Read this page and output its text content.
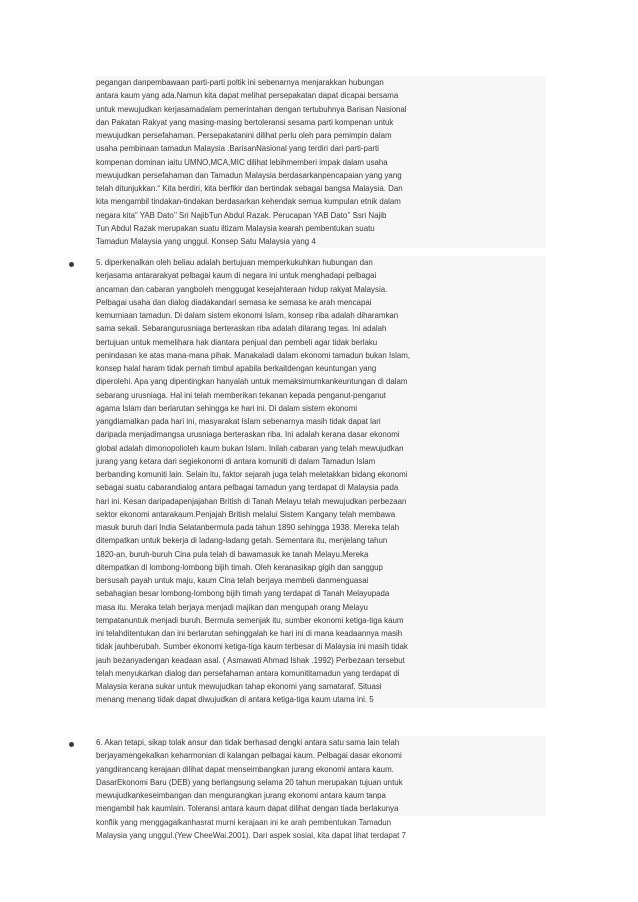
pegangan danpembawaan parti-parti poltik ini sebenarnya menjarakkan hubungan
antara kaum yang ada.Namun kita dapat melihat persepakatan dapat dicapai bersama
untuk mewujudkan kerjasamadalam pemerintahan dengan tertubuhnya Barisan Nasional
dan Pakatan Rakyat yang masing-masing bertoleransi sesama parti kompenan untuk
mewujudkan persefahaman. Persepakatanini dilihat perlu oleh para pemimpin dalam
usaha pembinaan tamadun Malaysia .BarisanNasional yang terdiri dari parti-parti
kompenan dominan iaitu UMNO,MCA,MIC dilihat lebihmemberi impak dalam usaha
mewujudkan persefahaman dan Tamadun Malaysia berdasarkanpencapaian yang yang
telah ditunjukkan.“ Kita berdiri, kita berfikir dan bertindak sebagai bangsa Malaysia. Dan
kita mengambil tindakan-tindakan berdasarkan kehendak semua kumpulan etnik dalam
negara kita” YAB Dato’’ Sri NajibTun Abdul Razak. Perucapan YAB Dato’’ Ssri Najib
Tun Abdul Razak merupakan suatu iltizam Malaysia kearah pembentukan suatu
Tamadun Malaysia yang unggul. Konsep Satu Malaysia yang 4
5. diperkenalkan oleh beliau adalah bertujuan memperkukuhkan hubungan dan
kerjasama antararakyat pelbagai kaum di negara ini untuk menghadapi pelbagai
ancaman dan cabaran yangboleh menggugat kesejahteraan hidup rakyat Malaysia.
Pelbagai usaha dan dialog diadakandari semasa ke semasa ke arah mencapai
kemurniaan tamadun. Di dalam sistem ekonomi Islam, konsep riba adalah diharamkan
sama sekali. Sebarangurusniaga berteraskan riba adalah dilarang tegas. Ini adalah
bertujuan untuk memelihara hak diantara penjual dan pembeli agar tidak berlaku
penindasan ke atas mana-mana pihak. Manakaladi dalam ekonomi tamadun bukan Islam,
konsep halal haram tidak pernah timbul apabila berkaitdengan keuntungan yang
diperolehi. Apa yang dipentingkan hanyalah untuk memaksimumkankeuntungan di dalam
sebarang urusniaga. Hal ini telah memberikan tekanan kepada penganut-penganut
agama Islam dan berlarutan sehingga ke hari ini. Di dalam sistem ekonomi
yangdiamalkan pada hari ini, masyarakat Islam sebenarnya masih tidak dapat lari
daripada menjadimangsa urusniaga berteraskan riba. Ini adalah kerana dasar ekonomi
global adalah dimonopolioleh kaum bukan Islam. Inilah cabaran yang telah mewujudkan
jurang yang ketara dari segiekonomi di antara komuniti di dalam Tamadun Islam
berbanding komuniti lain. Selain itu, faktor sejarah juga telah meletakkan bidang ekonomi
sebagai suatu cabarandialog antara pelbagai tamadun yang terdapat di Malaysia pada
hari ini. Kesan daripadapenjajahan British di Tanah Melayu telah mewujudkan perbezaan
sektor ekonomi antarakaum.Penjajah British melalui Sistem Kangany telah membawa
masuk buruh dari India Selatanbermula pada tahun 1890 sehingga 1938. Mereka telah
ditempatkan untuk bekerja di ladang-ladang getah. Sementara itu, menjelang tahun
1820-an, buruh-buruh Cina pula telah di bawamasuk ke tanah Melayu.Mereka
ditempatkan di lombong-lombong bijih timah. Oleh keranasikap gigih dan sanggup
bersusah payah untuk maju, kaum Cina telah berjaya membeli danmenguasai
sebahagian besar lombong-lombong bijih timah yang terdapat di Tanah Melayupada
masa itu. Meraka telah berjaya menjadi majikan dan mengupah orang Melayu
tempatanuntuk menjadi buruh. Bermula semenjak itu, sumber ekonomi ketiga-tiga kaum
ini telahditentukan dan ini berlarutan sehinggalah ke hari ini di mana keadaannya masih
tidak jauhberubah. Sumber ekonomi ketiga-tiga kaum terbesar di Malaysia ini masih tidak
jauh bezanyadengan keadaan asal. ( Asmawati Ahmad Ishak .1992) Perbezaan tersebut
telah menyukarkan dialog dan persefahaman antara komunititamadun yang terdapat di
Malaysia kerana sukar untuk mewujudkan tahap ekonomi yang samataraf. Situasi
menang menang tidak dapat diwujudkan di antara ketiga-tiga kaum utama ini. 5
6. Akan tetapi, sikap tolak ansur dan tidak berhasad dengki antara satu sama lain telah
berjayamengekalkan keharmonian di kalangan pelbagai kaum. Pelbagai dasar ekonomi
yangdirancang kerajaan dilihat dapat menseimbangkan jurang ekonomi antara kaum.
DasarEkonomi Baru (DEB) yang berlangsung selama 20 tahun merupakan tujuan untuk
mewujudkankeseimbangan dan mengurangkan jurang ekonomi antara kaum tanpa
mengambil hak kaumlain. Toleransi antara kaum dapat dilihat dengan tiada berlakunya
konflik yang menggagalkanhasrat murni kerajaan ini ke arah pembentukan Tamadun
Malaysia yang unggul.(Yew CheeWai.2001). Dari aspek sosial, kita dapat lihat terdapat 7
